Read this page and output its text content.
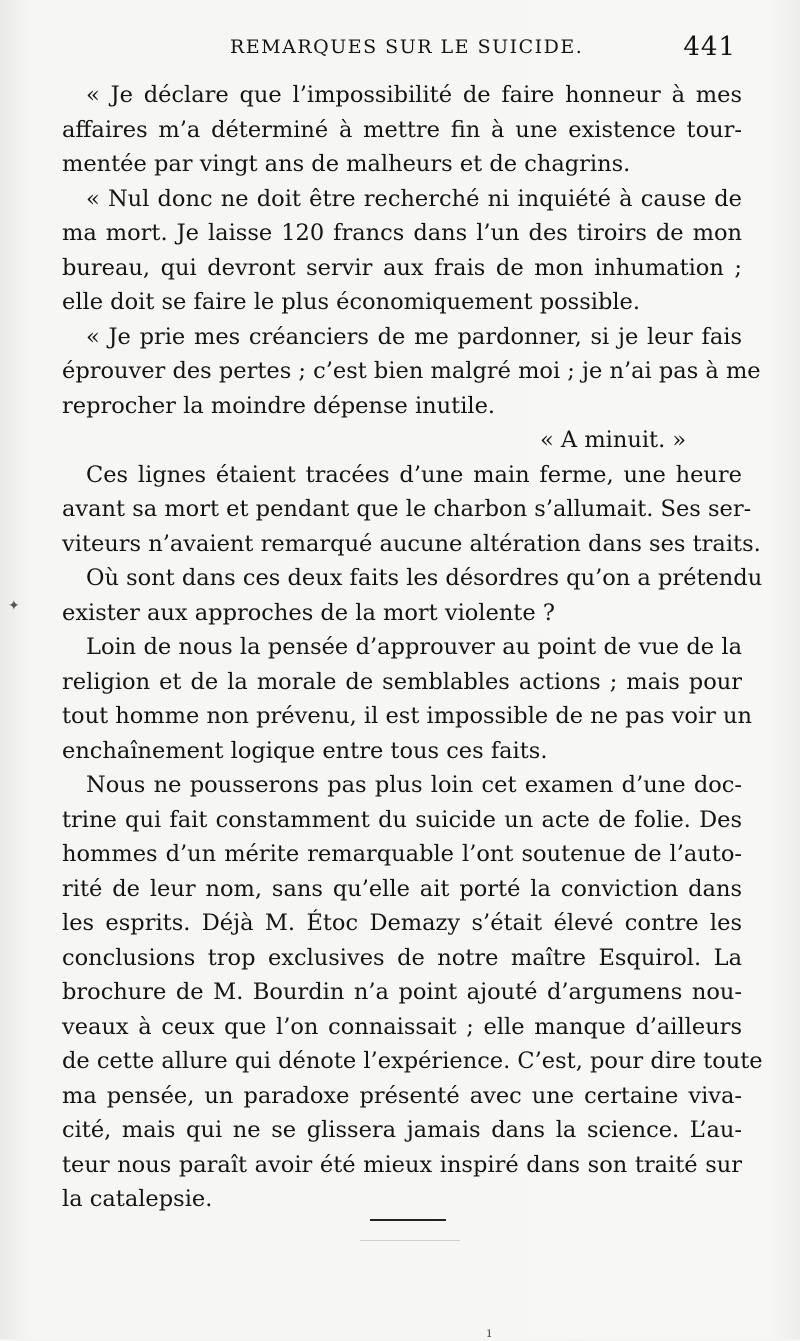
REMARQUES SUR LE SUICIDE.	441
« Je déclare que l’impossibilité de faire honneur à mes
affaires m’a déterminé à mettre fin à une existence tour-
mentée par vingt ans de malheurs et de chagrins.
« Nul donc ne doit être recherché ni inquiété à cause de
ma mort. Je laisse 120 francs dans l’un des tiroirs de mon
bureau, qui devront servir aux frais de mon inhumation ;
elle doit se faire le plus économiquement possible.
« Je prie mes créanciers de me pardonner, si je leur fais
éprouver des pertes ; c’est bien malgré moi ; je n’ai pas à me
reprocher la moindre dépense inutile.
« A minuit. »
Ces lignes étaient tracées d’une main ferme, une heure
avant sa mort et pendant que le charbon s’allumait. Ses ser-
viteurs n’avaient remarqué aucune altération dans ses traits.
Où sont dans ces deux faits les désordres qu’on a prétendu
exister aux approches de la mort violente ?
Loin de nous la pensée d’approuver au point de vue de la
religion et de la morale de semblables actions ; mais pour
tout homme non prévenu, il est impossible de ne pas voir un
enchaînement logique entre tous ces faits.
Nous ne pousserons pas plus loin cet examen d’une doc-
trine qui fait constamment du suicide un acte de folie. Des
hommes d’un mérite remarquable l’ont soutenue de l’auto-
rité de leur nom, sans qu’elle ait porté la conviction dans
les esprits. Déjà M. Étoc Demazy s’était élevé contre les
conclusions trop exclusives de notre maître Esquirol. La
brochure de M. Bourdin n’a point ajouté d’argumens nou-
veaux à ceux que l’on connaissait ; elle manque d’ailleurs
de cette allure qui dénote l’expérience. C’est, pour dire toute
ma pensée, un paradoxe présenté avec une certaine viva-
cité, mais qui ne se glissera jamais dans la science. L’au-
teur nous paraît avoir été mieux inspiré dans son traité sur
la catalepsie.
✦
ı
